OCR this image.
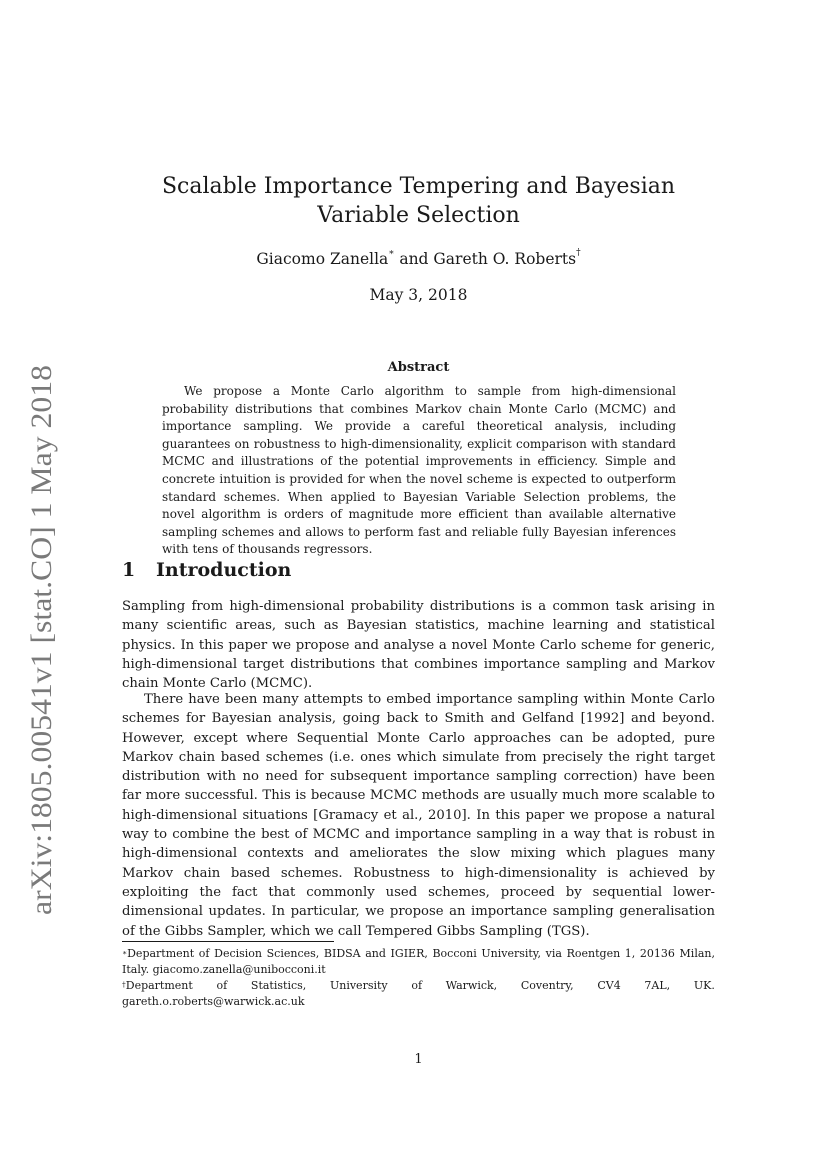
arXiv:1805.00541v1 [stat.CO] 1 May 2018
Scalable Importance Tempering and Bayesian Variable Selection
Giacomo Zanella∗ and Gareth O. Roberts†
May 3, 2018
Abstract

We propose a Monte Carlo algorithm to sample from high-dimensional probability distributions that combines Markov chain Monte Carlo (MCMC) and importance sampling. We provide a careful theoretical analysis, including guarantees on robustness to high-dimensionality, explicit comparison with standard MCMC and illustrations of the potential improvements in efficiency. Simple and concrete intuition is provided for when the novel scheme is expected to outperform standard schemes. When applied to Bayesian Variable Selection problems, the novel algorithm is orders of magnitude more efficient than available alternative sampling schemes and allows to perform fast and reliable fully Bayesian inferences with tens of thousands regressors.

1 Introduction

Sampling from high-dimensional probability distributions is a common task arising in many scientific areas, such as Bayesian statistics, machine learning and statistical physics. In this paper we propose and analyse a novel Monte Carlo scheme for generic, high-dimensional target distributions that combines importance sampling and Markov chain Monte Carlo (MCMC).

There have been many attempts to embed importance sampling within Monte Carlo schemes for Bayesian analysis, going back to Smith and Gelfand [1992] and beyond. However, except where Sequential Monte Carlo approaches can be adopted, pure Markov chain based schemes (i.e. ones which simulate from precisely the right target distribution with no need for subsequent importance sampling correction) have been far more successful. This is because MCMC methods are usually much more scalable to high-dimensional situations [Gramacy et al., 2010]. In this paper we propose a natural way to combine the best of MCMC and importance sampling in a way that is robust in high-dimensional contexts and ameliorates the slow mixing which plagues many Markov chain based schemes. Robustness to high-dimensionality is achieved by exploiting the fact that commonly used schemes, proceed by sequential lower-dimensional updates. In particular, we propose an importance sampling generalisation of the Gibbs Sampler, which we call Tempered Gibbs Sampling (TGS).

∗Department of Decision Sciences, BIDSA and IGIER, Bocconi University, via Roentgen 1, 20136 Milan, Italy. giacomo.zanella@unibocconi.it

†Department of Statistics, University of Warwick, Coventry, CV4 7AL, UK.
gareth.o.roberts@warwick.ac.uk
1
